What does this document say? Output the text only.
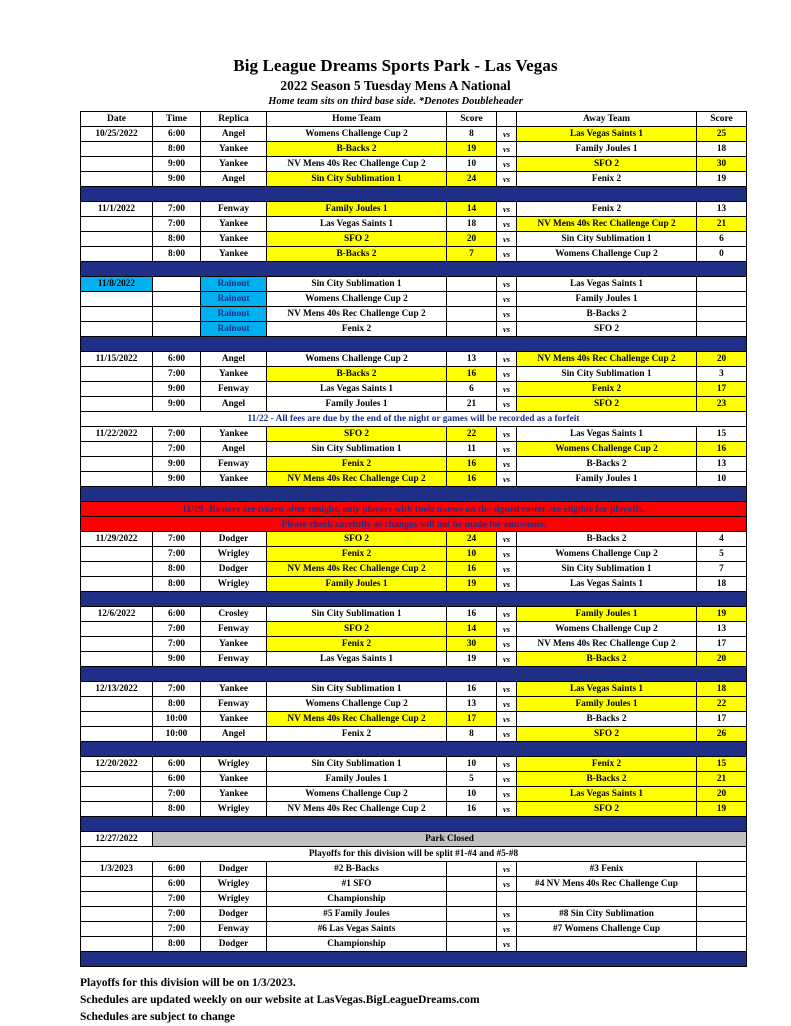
Big League Dreams Sports Park - Las Vegas
2022 Season 5 Tuesday Mens A National
Home team sits on third base side. *Denotes Doubleheader
Date	Time	Replica	Home Team	Score		Away Team	Score
10/25/2022	6:00	Angel	Womens Challenge Cup 2	8	vs	Las Vegas Saints 1	25
	8:00	Yankee	B-Backs 2	19	vs	Family Joules 1	18
	9:00	Yankee	NV Mens 40s Rec Challenge Cup 2	10	vs	SFO 2	30
	9:00	Angel	Sin City Sublimation 1	24	vs	Fenix 2	19

11/1/2022	7:00	Fenway	Family Joules 1	14	vs	Fenix 2	13
	7:00	Yankee	Las Vegas Saints 1	18	vs	NV Mens 40s Rec Challenge Cup 2	21
	8:00	Yankee	SFO 2	20	vs	Sin City Sublimation 1	6
	8:00	Yankee	B-Backs 2	7	vs	Womens Challenge Cup 2	0

11/8/2022		Rainout	Sin City Sublimation 1		vs	Las Vegas Saints 1	
		Rainout	Womens Challenge Cup 2		vs	Family Joules 1	
		Rainout	NV Mens 40s Rec Challenge Cup 2		vs	B-Backs 2	
		Rainout	Fenix 2		vs	SFO 2	

11/15/2022	6:00	Angel	Womens Challenge Cup 2	13	vs	NV Mens 40s Rec Challenge Cup 2	20
	7:00	Yankee	B-Backs 2	16	vs	Sin City Sublimation 1	3
	9:00	Fenway	Las Vegas Saints 1	6	vs	Fenix 2	17
	9:00	Angel	Family Joules 1	21	vs	SFO 2	23
11/22 - All fees are due by the end of the night or games will be recorded as a forfeit							
11/22/2022	7:00	Yankee	SFO 2	22	vs	Las Vegas Saints 1	15
	7:00	Angel	Sin City Sublimation 1	11	vs	Womens Challenge Cup 2	16
	9:00	Fenway	Fenix 2	16	vs	B-Backs 2	13
	9:00	Yankee	NV Mens 40s Rec Challenge Cup 2	16	vs	Family Joules 1	10

11/29 -Rosters are frozen after tonight, only players with their names on the signed roster are eligible for playoffs.							
Please check carefully as changes will not be made for omissions.							
11/29/2022	7:00	Dodger	SFO 2	24	vs	B-Backs 2	4
	7:00	Wrigley	Fenix 2	10	vs	Womens Challenge Cup 2	5
	8:00	Dodger	NV Mens 40s Rec Challenge Cup 2	16	vs	Sin City Sublimation 1	7
	8:00	Wrigley	Family Joules 1	19	vs	Las Vegas Saints 1	18

12/6/2022	6:00	Crosley	Sin City Sublimation 1	16	vs	Family Joules 1	19
	7:00	Fenway	SFO 2	14	vs	Womens Challenge Cup 2	13
	7:00	Yankee	Fenix 2	30	vs	NV Mens 40s Rec Challenge Cup 2	17
	9:00	Fenway	Las Vegas Saints 1	19	vs	B-Backs 2	20

12/13/2022	7:00	Yankee	Sin City Sublimation 1	16	vs	Las Vegas Saints 1	18
	8:00	Fenway	Womens Challenge Cup 2	13	vs	Family Joules 1	22
	10:00	Yankee	NV Mens 40s Rec Challenge Cup 2	17	vs	B-Backs 2	17
	10:00	Angel	Fenix 2	8	vs	SFO 2	26

12/20/2022	6:00	Wrigley	Sin City Sublimation 1	10	vs	Fenix 2	15
	6:00	Yankee	Family Joules 1	5	vs	B-Backs 2	21
	7:00	Yankee	Womens Challenge Cup 2	10	vs	Las Vegas Saints 1	20
	8:00	Wrigley	NV Mens 40s Rec Challenge Cup 2	16	vs	SFO 2	19

12/27/2022	Park Closed						
Playoffs for this division will be split #1-#4 and #5-#8							
1/3/2023	6:00	Dodger	#2 B-Backs		vs	#3 Fenix	
	6:00	Wrigley	#1 SFO		vs	#4 NV Mens 40s Rec Challenge Cup	
	7:00	Wrigley	Championship				
	7:00	Dodger	#5 Family Joules		vs	#8 Sin City Sublimation	
	7:00	Fenway	#6 Las Vegas Saints		vs	#7 Womens Challenge Cup	
	8:00	Dodger	Championship		vs		

Playoffs for this division will be on 1/3/2023.
Schedules are updated weekly on our website at LasVegas.BigLeagueDreams.com
Schedules are subject to change
